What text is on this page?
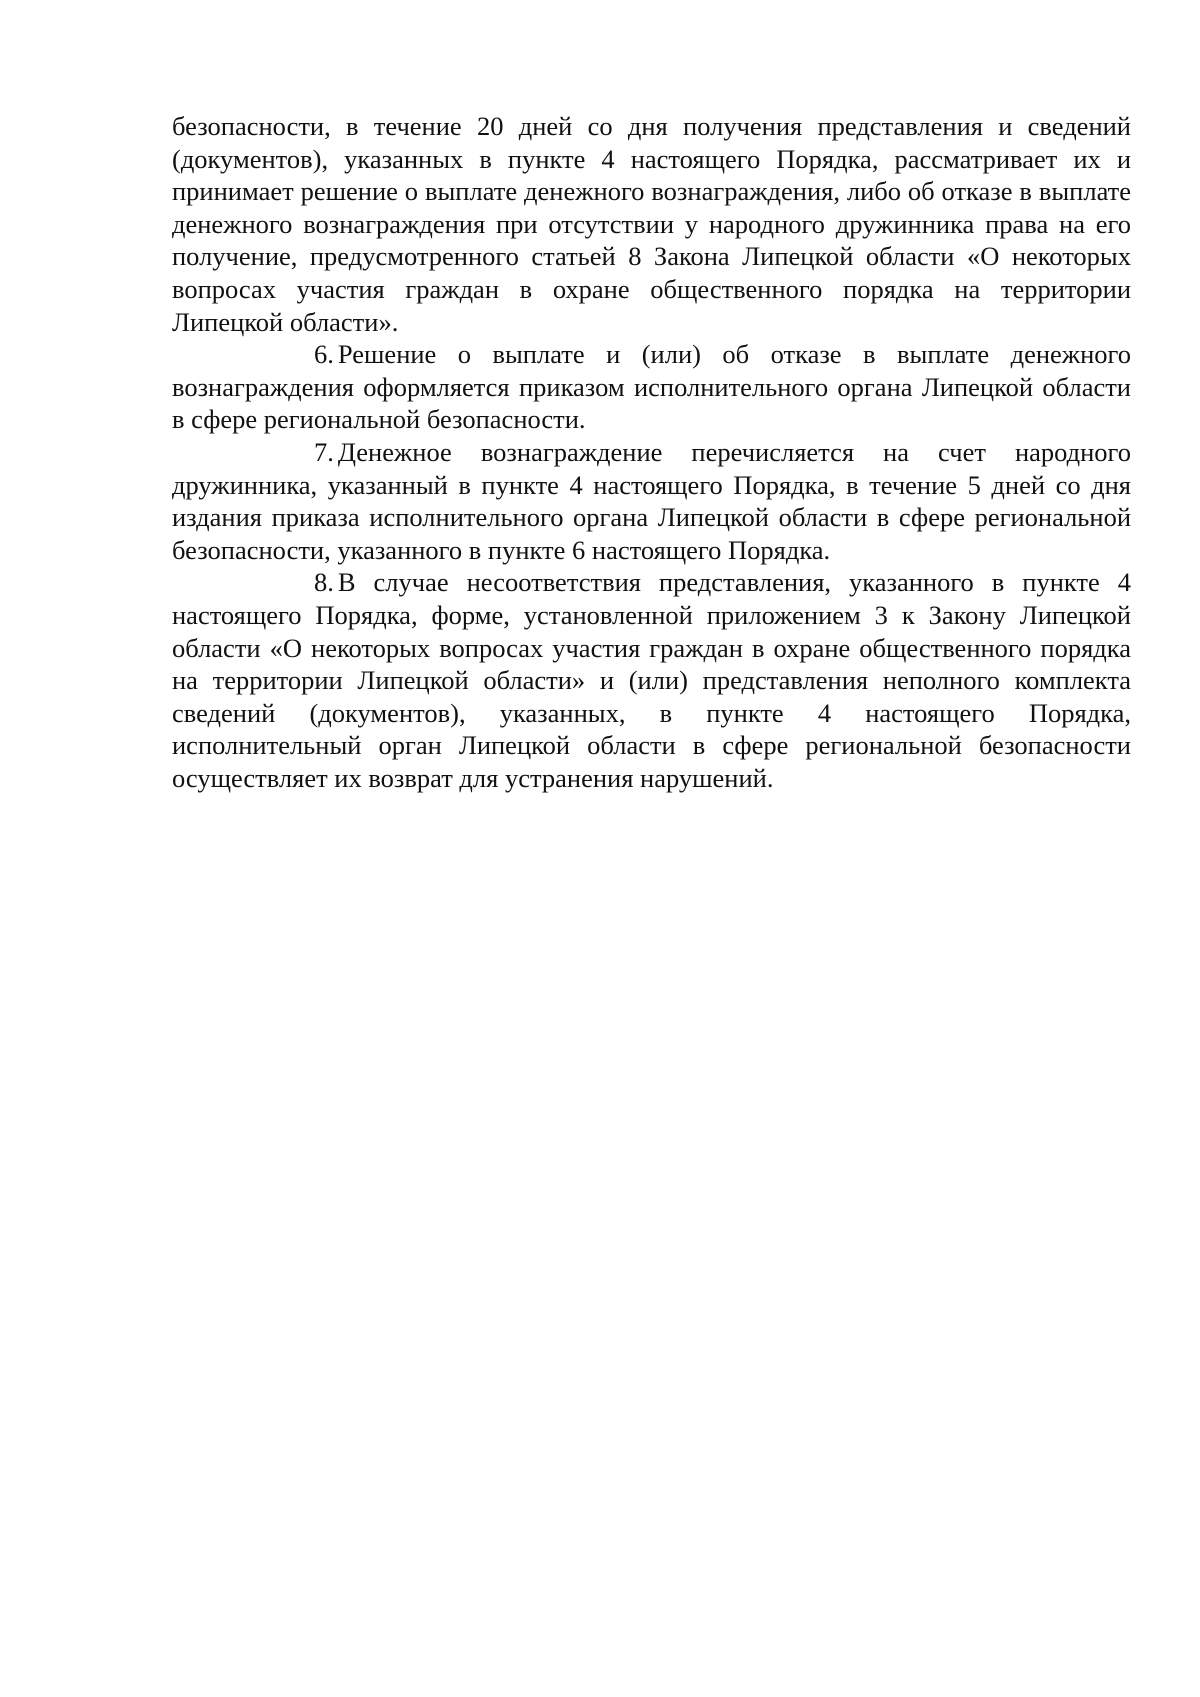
безопасности, в течение 20 дней со дня получения представления и сведений (документов), указанных в пункте 4 настоящего Порядка, рассматривает их и принимает решение о выплате денежного вознаграждения, либо об отказе в выплате денежного вознаграждения при отсутствии у народного дружинника права на его получение, предусмотренного статьей 8 Закона Липецкой области «О некоторых вопросах участия граждан в охране общественного порядка на территории Липецкой области».

6. Решение о выплате и (или) об отказе в выплате денежного вознаграждения оформляется приказом исполнительного органа Липецкой области в сфере региональной безопасности.

7. Денежное вознаграждение перечисляется на счет народного дружинника, указанный в пункте 4 настоящего Порядка, в течение 5 дней со дня издания приказа исполнительного органа Липецкой области в сфере региональной безопасности, указанного в пункте 6 настоящего Порядка.

8. В случае несоответствия представления, указанного в пункте 4 настоящего Порядка, форме, установленной приложением 3 к Закону Липецкой области «О некоторых вопросах участия граждан в охране общественного порядка на территории Липецкой области» и (или) представления неполного комплекта сведений (документов), указанных, в пункте 4 настоящего Порядка, исполнительный орган Липецкой области в сфере региональной безопасности осуществляет их возврат для устранения нарушений.
